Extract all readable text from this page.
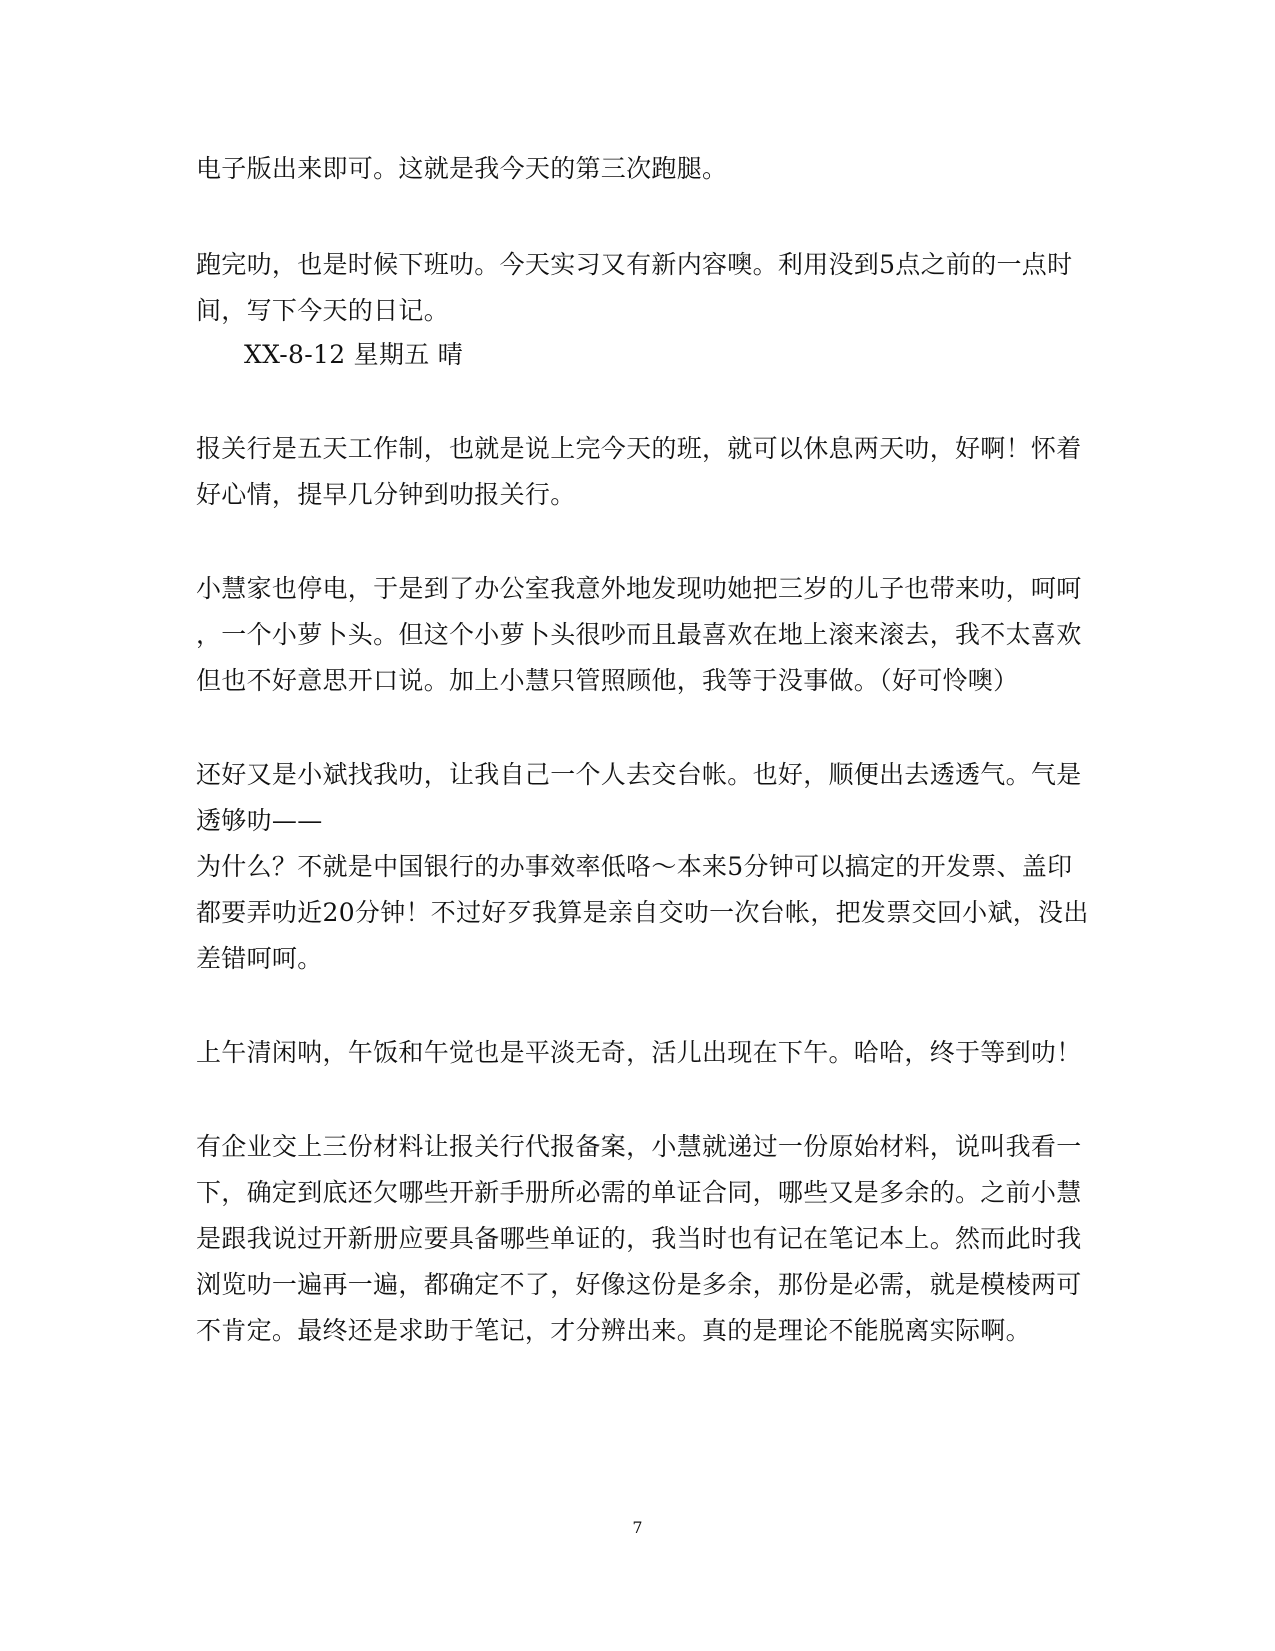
电子版出来即可。这就是我今天的第三次跑腿。
跑完叻，也是时候下班叻。今天实习又有新内容噢。利用没到5点之前的一点时
间，写下今天的日记。
XX-8-12 星期五 晴
报关行是五天工作制，也就是说上完今天的班，就可以休息两天叻，好啊！怀着
好心情，提早几分钟到叻报关行。
小慧家也停电，于是到了办公室我意外地发现叻她把三岁的儿子也带来叻，呵呵
，一个小萝卜头。但这个小萝卜头很吵而且最喜欢在地上滚来滚去，我不太喜欢
但也不好意思开口说。加上小慧只管照顾他，我等于没事做。（好可怜噢）
还好又是小斌找我叻，让我自己一个人去交台帐。也好，顺便出去透透气。气是
透够叻——
为什么？不就是中国银行的办事效率低咯～本来5分钟可以搞定的开发票、盖印
都要弄叻近20分钟！不过好歹我算是亲自交叻一次台帐，把发票交回小斌，没出
差错呵呵。
上午清闲呐，午饭和午觉也是平淡无奇，活儿出现在下午。哈哈，终于等到叻！
有企业交上三份材料让报关行代报备案，小慧就递过一份原始材料，说叫我看一
下，确定到底还欠哪些开新手册所必需的单证合同，哪些又是多余的。之前小慧
是跟我说过开新册应要具备哪些单证的，我当时也有记在笔记本上。然而此时我
浏览叻一遍再一遍，都确定不了，好像这份是多余，那份是必需，就是模棱两可
不肯定。最终还是求助于笔记，才分辨出来。真的是理论不能脱离实际啊。
7
